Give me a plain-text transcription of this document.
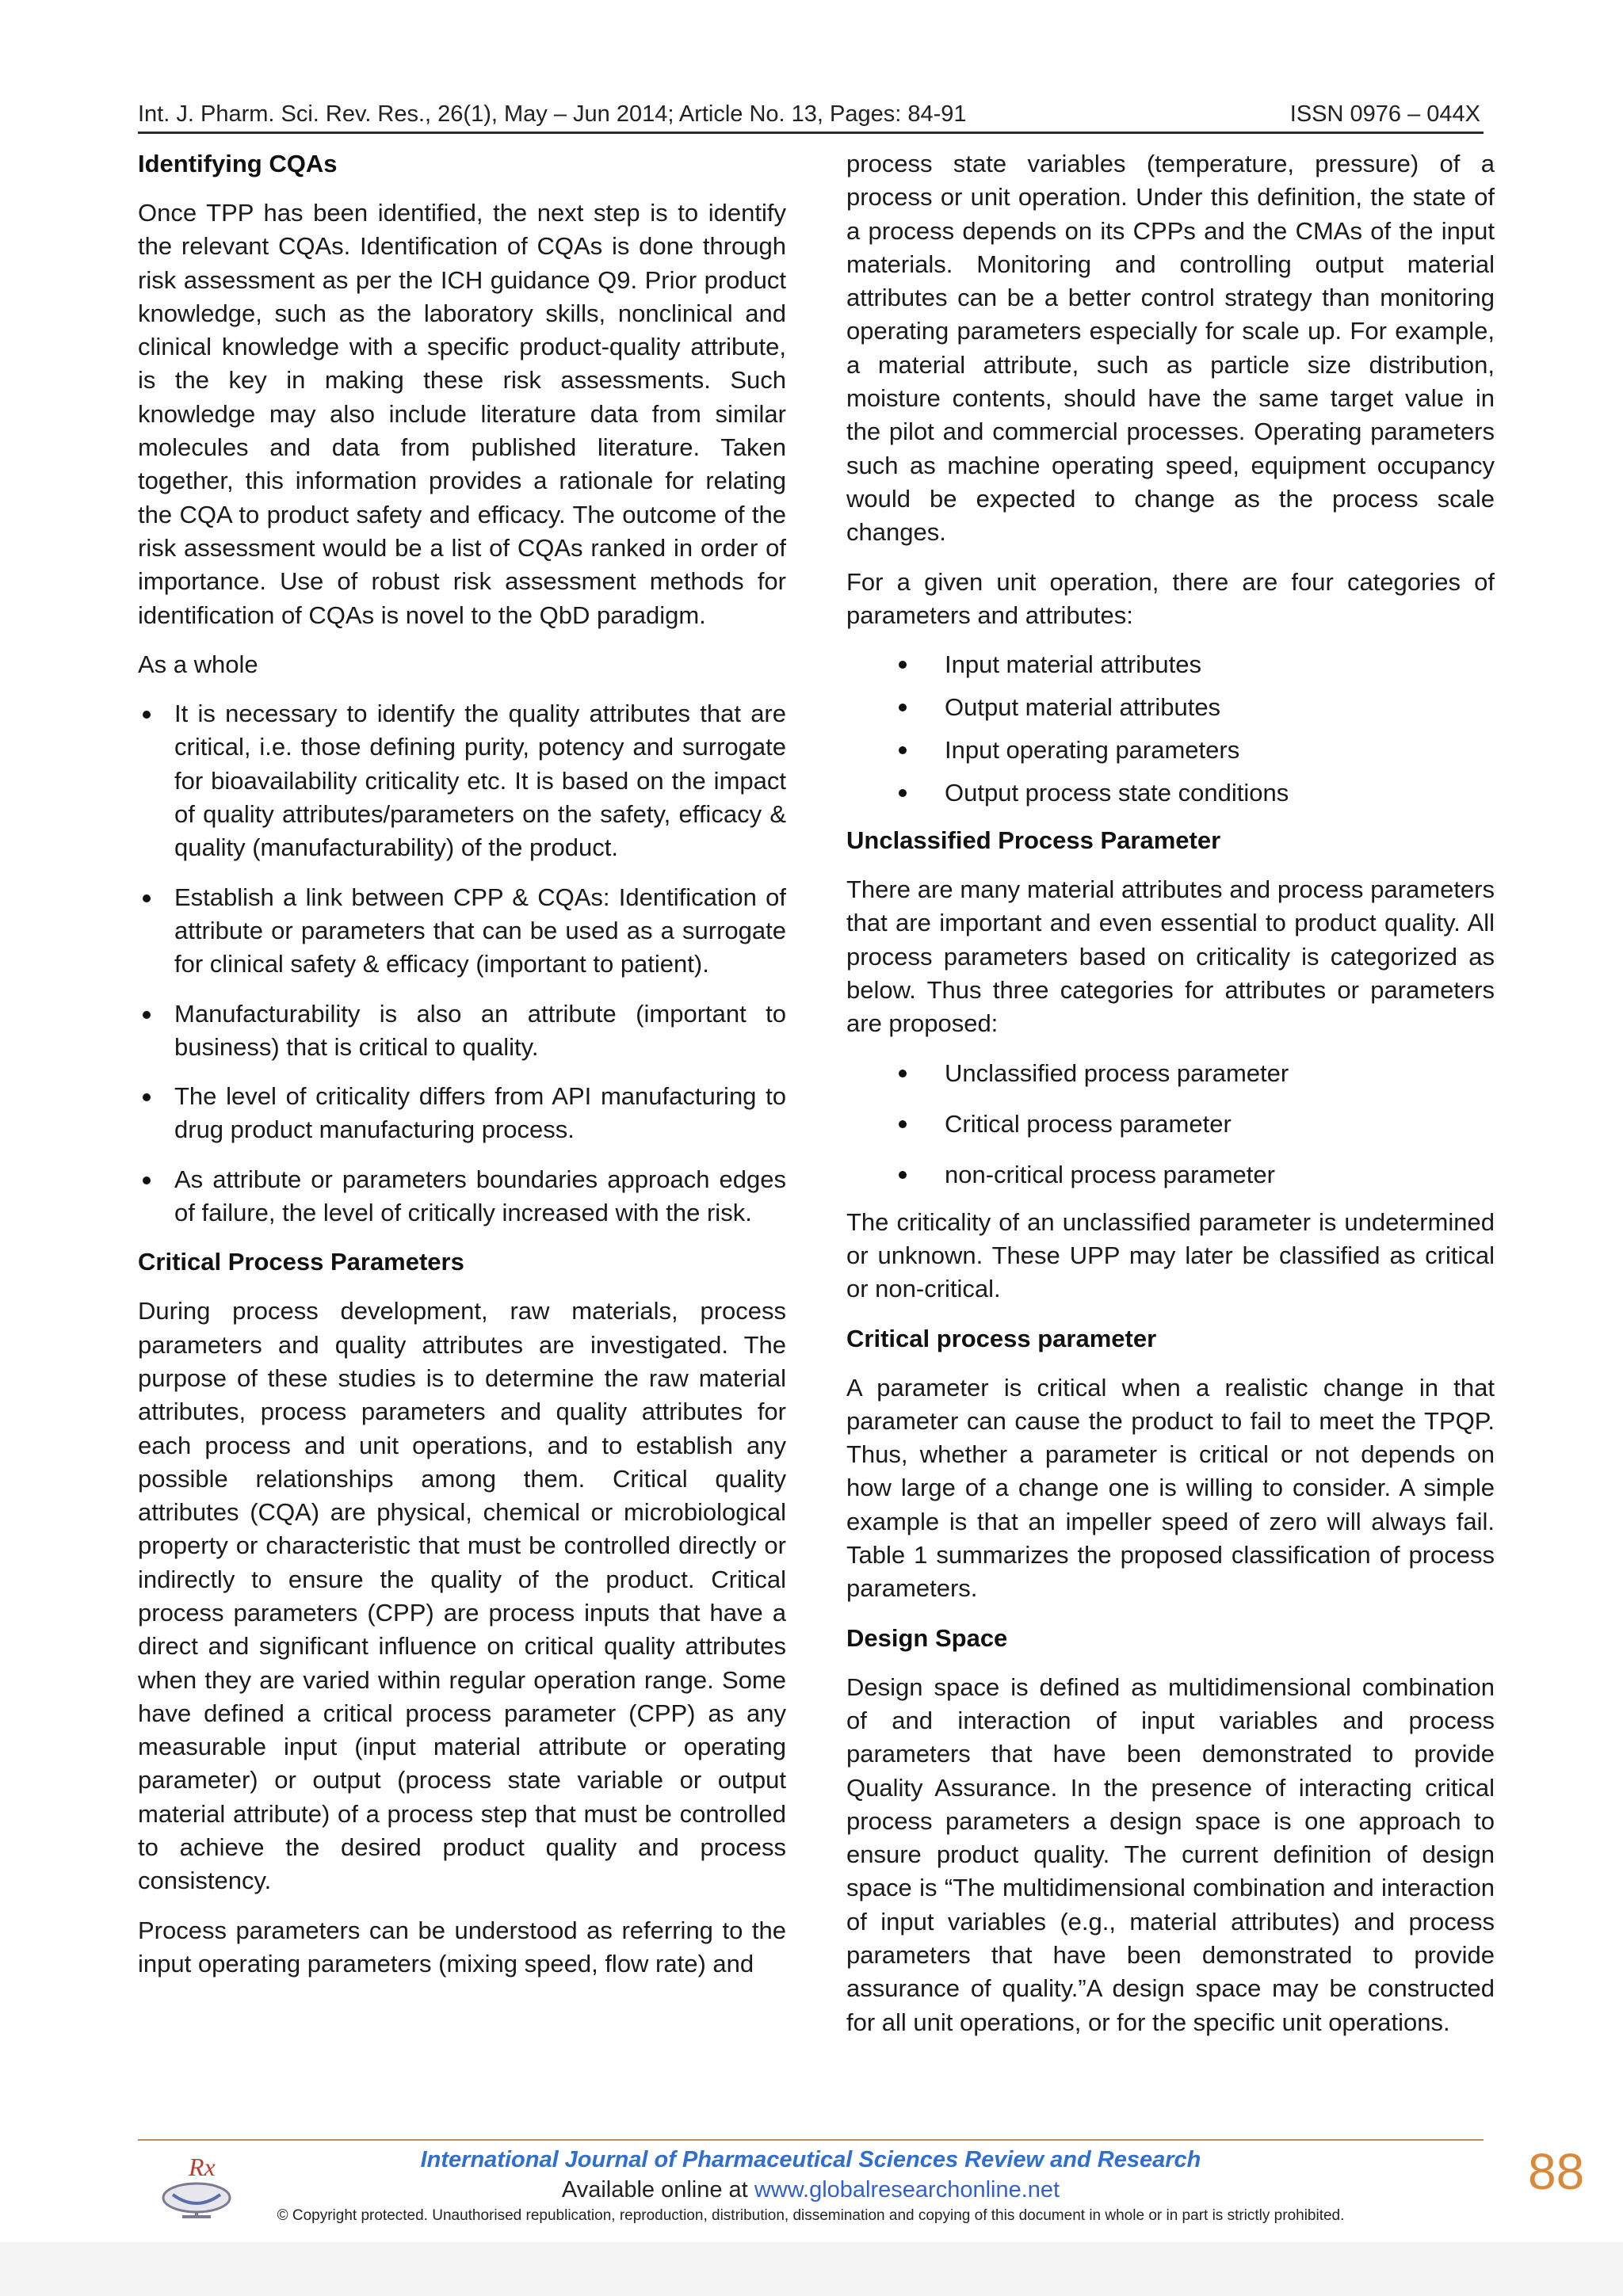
Int. J. Pharm. Sci. Rev. Res., 26(1), May – Jun 2014; Article No. 13, Pages: 84-91	ISSN 0976 – 044X
Identifying CQAs

Once TPP has been identified, the next step is to identify the relevant CQAs. Identification of CQAs is done through risk assessment as per the ICH guidance Q9. Prior product knowledge, such as the laboratory skills, nonclinical and clinical knowledge with a specific product-quality attribute, is the key in making these risk assessments. Such knowledge may also include literature data from similar molecules and data from published literature. Taken together, this information provides a rationale for relating the CQA to product safety and efficacy. The outcome of the risk assessment would be a list of CQAs ranked in order of importance. Use of robust risk assessment methods for identification of CQAs is novel to the QbD paradigm.

As a whole

It is necessary to identify the quality attributes that are critical, i.e. those defining purity, potency and surrogate for bioavailability criticality etc. It is based on the impact of quality attributes/parameters on the safety, efficacy & quality (manufacturability) of the product.
Establish a link between CPP & CQAs: Identification of attribute or parameters that can be used as a surrogate for clinical safety & efficacy (important to patient).
Manufacturability is also an attribute (important to business) that is critical to quality.
The level of criticality differs from API manufacturing to drug product manufacturing process.
As attribute or parameters boundaries approach edges of failure, the level of critically increased with the risk.
Critical Process Parameters

During process development, raw materials, process parameters and quality attributes are investigated. The purpose of these studies is to determine the raw material attributes, process parameters and quality attributes for each process and unit operations, and to establish any possible relationships among them. Critical quality attributes (CQA) are physical, chemical or microbiological property or characteristic that must be controlled directly or indirectly to ensure the quality of the product. Critical process parameters (CPP) are process inputs that have a direct and significant influence on critical quality attributes when they are varied within regular operation range. Some have defined a critical process parameter (CPP) as any measurable input (input material attribute or operating parameter) or output (process state variable or output material attribute) of a process step that must be controlled to achieve the desired product quality and process consistency.

Process parameters can be understood as referring to the input operating parameters (mixing speed, flow rate) and

process state variables (temperature, pressure) of a process or unit operation. Under this definition, the state of a process depends on its CPPs and the CMAs of the input materials. Monitoring and controlling output material attributes can be a better control strategy than monitoring operating parameters especially for scale up. For example, a material attribute, such as particle size distribution, moisture contents, should have the same target value in the pilot and commercial processes. Operating parameters such as machine operating speed, equipment occupancy would be expected to change as the process scale changes.

For a given unit operation, there are four categories of parameters and attributes:

Input material attributes
Output material attributes
Input operating parameters
Output process state conditions
Unclassified Process Parameter

There are many material attributes and process parameters that are important and even essential to product quality. All process parameters based on criticality is categorized as below. Thus three categories for attributes or parameters are proposed:

Unclassified process parameter
Critical process parameter
non-critical process parameter

The criticality of an unclassified parameter is undetermined or unknown. These UPP may later be classified as critical or non-critical.

Critical process parameter

A parameter is critical when a realistic change in that parameter can cause the product to fail to meet the TPQP. Thus, whether a parameter is critical or not depends on how large of a change one is willing to consider. A simple example is that an impeller speed of zero will always fail. Table 1 summarizes the proposed classification of process parameters.

Design Space

Design space is defined as multidimensional combination of and interaction of input variables and process parameters that have been demonstrated to provide Quality Assurance. In the presence of interacting critical process parameters a design space is one approach to ensure product quality. The current definition of design space is “The multidimensional combination and interaction of input variables (e.g., material attributes) and process parameters that have been demonstrated to provide assurance of quality.”A design space may be constructed for all unit operations, or for the specific unit operations.

Rx	International Journal of Pharmaceutical Sciences Review and Research
Available online at www.globalresearchonline.net
© Copyright protected. Unauthorised republication, reproduction, distribution, dissemination and copying of this document in whole or in part is strictly prohibited.
88
